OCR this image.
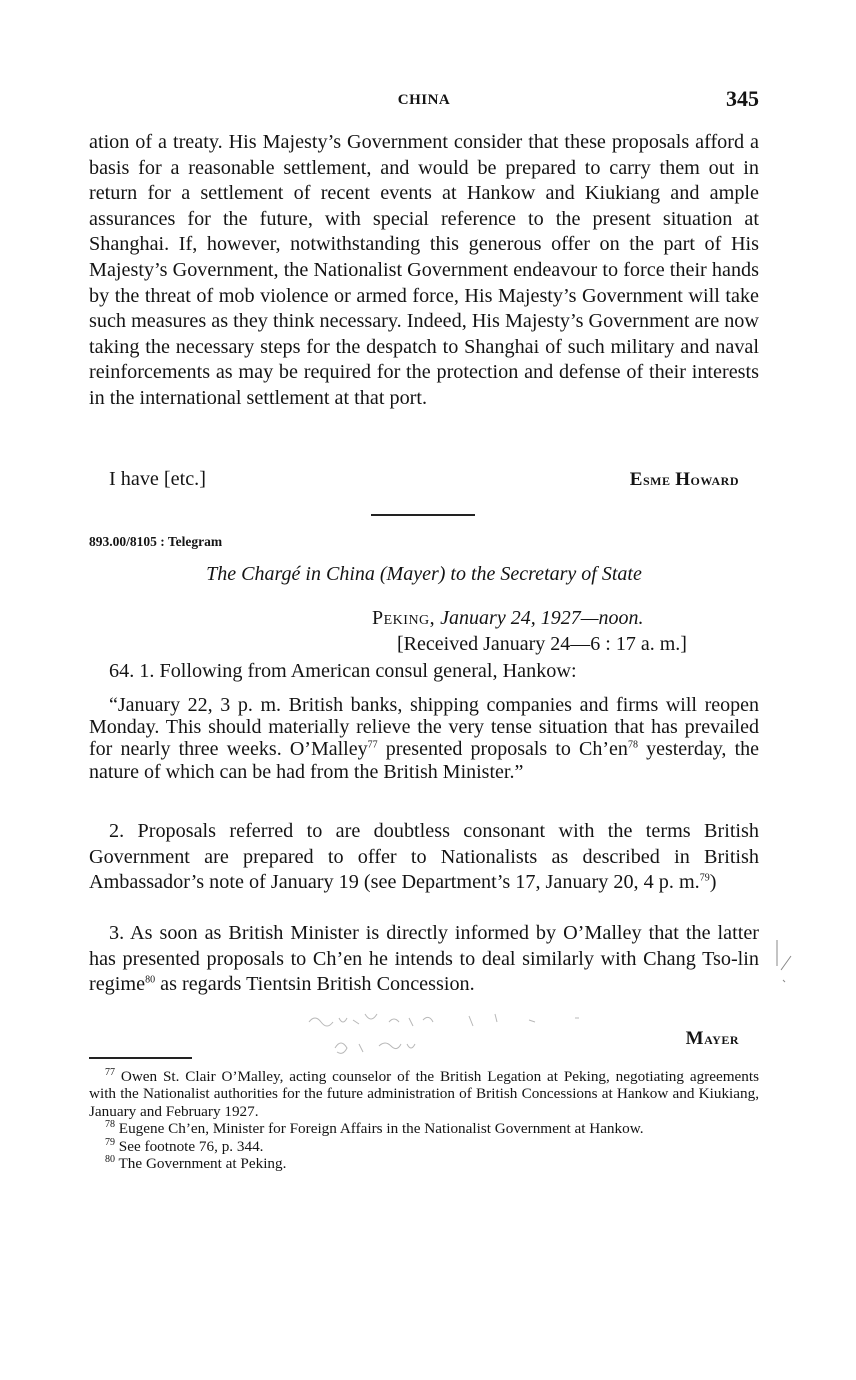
CHINA	345

ation of a treaty. His Majesty’s Government consider that these proposals afford a basis for a reasonable settlement, and would be prepared to carry them out in return for a settlement of recent events at Hankow and Kiukiang and ample assurances for the future, with special reference to the present situation at Shanghai. If, however, notwithstanding this generous offer on the part of His Majesty’s Government, the Nationalist Government endeavour to force their hands by the threat of mob violence or armed force, His Majesty’s Government will take such measures as they think necessary. Indeed, His Majesty’s Government are now taking the necessary steps for the despatch to Shanghai of such military and naval reinforcements as may be required for the protection and defense of their interests in the international settlement at that port.

I have [etc.]	Esme Howard
893.00/8105 : Telegram
The Chargé in China (Mayer) to the Secretary of State
Peking, January 24, 1927—noon.
[Received January 24—6 : 17 a. m.]

64. 1. Following from American consul general, Hankow:

“January 22, 3 p. m. British banks, shipping companies and firms will reopen Monday. This should materially relieve the very tense situation that has prevailed for nearly three weeks. O’Malley$^{77}$ presented proposals to $Ch’en^{78}$ yesterday, the nature of which can be had from the British Minister.”

2. Proposals referred to are doubtless consonant with the terms British Government are prepared to offer to Nationalists as described in British Ambassador’s note of January 19 (see Department’s 17, January 20, 4 p. m.$^{79}$)

3. As soon as British Minister is directly informed by O’Malley that the latter has presented proposals to Ch’en he intends to deal similarly with Chang Tso-lin regime$^{80}$ as regards Tientsin British Concession.

Mayer

$^{77}$ Owen St. Clair O’Malley, acting counselor of the British Legation at Peking, negotiating agreements with the Nationalist authorities for the future administration of British Concessions at Hankow and Kiukiang, January and February 1927.

$^{78}$ Eugene Ch’en, Minister for Foreign Affairs in the Nationalist Government at Hankow.

$^{79}$ See footnote 76, p. 344.

$^{80}$ The Government at Peking.
